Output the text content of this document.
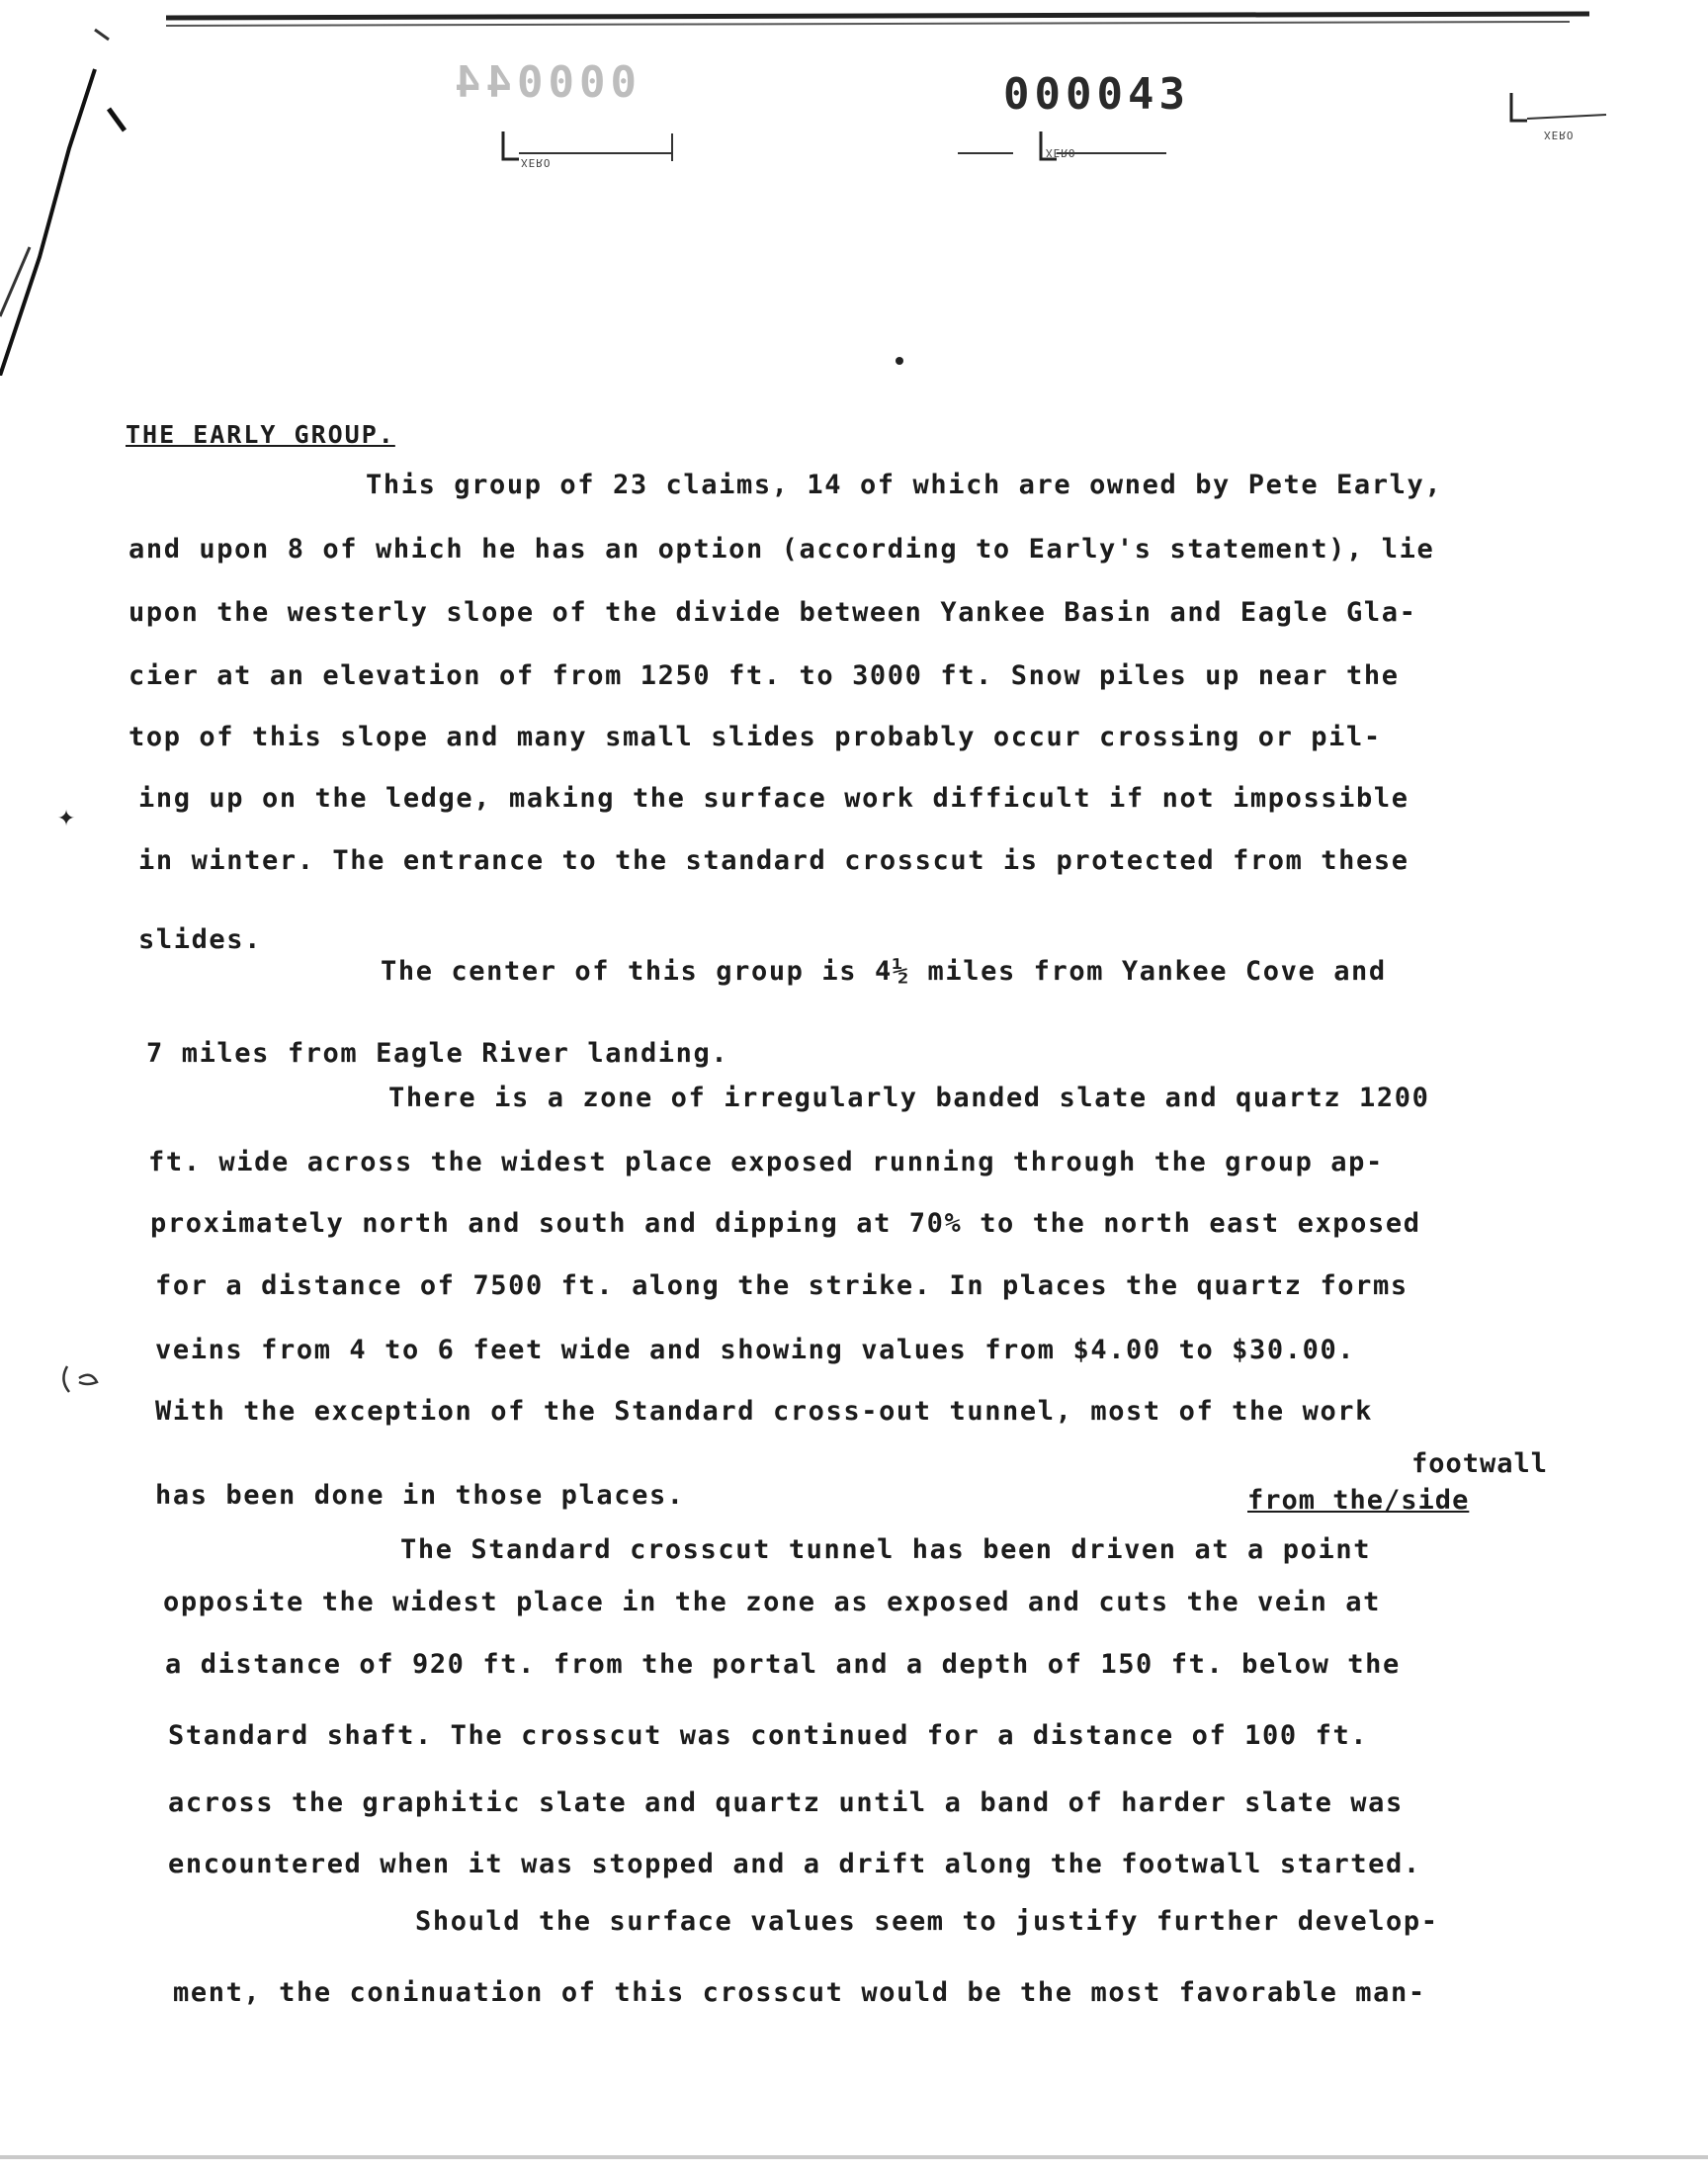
000044	000043
XERO
XERO
XERO
THE EARLY GROUP.
This group of 23 claims, 14 of which are owned by Pete Early,
and upon 8 of which he has an option (according to Early's statement), lie
upon the westerly slope of the divide between Yankee Basin and Eagle Gla-
cier at an elevation of from 1250 ft. to 3000 ft. Snow piles up near the
top of this slope and many small slides probably occur crossing or pil-
ing up on the ledge, making the surface work difficult if not impossible
in winter. The entrance to the standard crosscut is protected from these
slides.
The center of this group is 4½ miles from Yankee Cove and
7 miles from Eagle River landing.
There is a zone of irregularly banded slate and quartz 1200
ft. wide across the widest place exposed running through the group ap-
proximately north and south and dipping at 70% to the north east exposed
for a distance of 7500 ft. along the strike. In places the quartz forms
veins from 4 to 6 feet wide and showing values from $4.00 to $30.00.
With the exception of the Standard cross-out tunnel, most of the work
has been done in those places.
footwall
from the/side
The Standard crosscut tunnel has been driven at a point
opposite the widest place in the zone as exposed and cuts the vein at
a distance of 920 ft. from the portal and a depth of 150 ft. below the
Standard shaft. The crosscut was continued for a distance of 100 ft.
across the graphitic slate and quartz until a band of harder slate was
encountered when it was stopped and a drift along the footwall started.
Should the surface values seem to justify further develop-
ment, the coninuation of this crosscut would be the most favorable man-
✦
